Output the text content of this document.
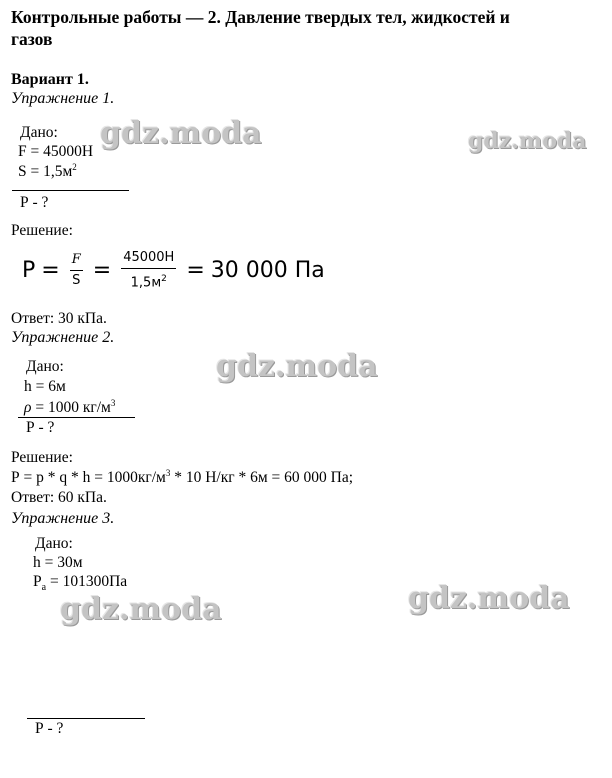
Контрольные работы — 2. Давление твердых тел, жидкостей и
газов
Вариант 1.
Упражнение 1.
Дано:
F = 45000Н
$S = 1,5м^2$
Р - ?
Решение:
$P = \frac{F}{S} = \frac{45000Н}{1,5м^2} = 30$ 000 Па
Ответ: 30 кПа.
Упражнение 2.
Дано:
h = 6м
ρ = 1000 $кг/м^3$
Р - ?
Решение:
$Р = р * q * h = 1000кг/м^3 * 10$ Н/кг * 6м = 60 000 Па;
Ответ: 60 кПа.
Упражнение 3.
Дано:
h = 30м
$P_a = 101300Па$
Р - ?
gdz.moda	gdz.moda
gdz.moda
gdz.moda	gdz.moda
